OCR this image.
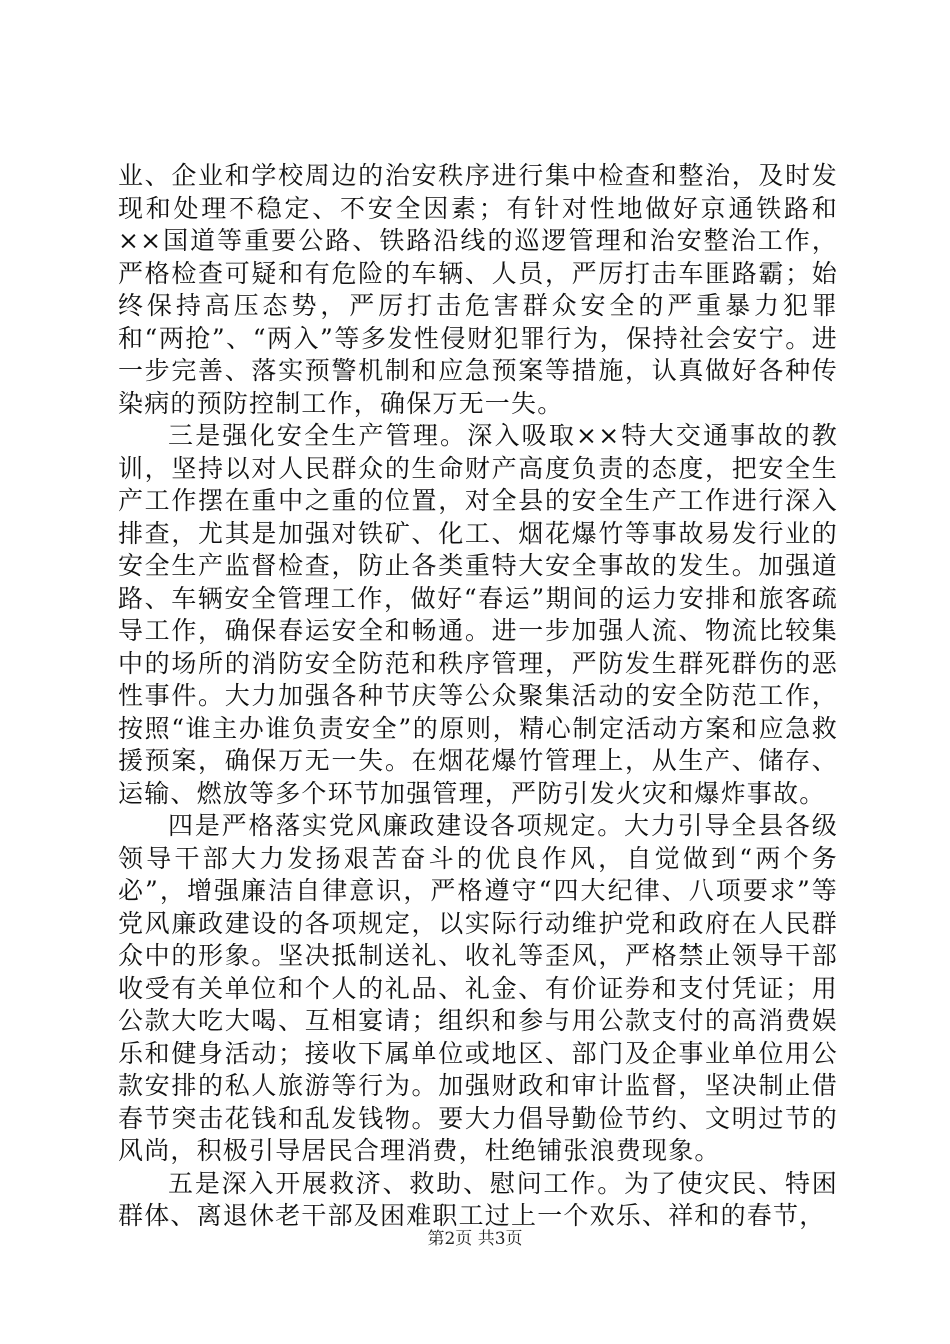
业、企业和学校周边的治安秩序进行集中检查和整治，及时发现和处理不稳定、不安全因素；有针对性地做好京通铁路和××国道等重要公路、铁路沿线的巡逻管理和治安整治工作，严格检查可疑和有危险的车辆、人员，严厉打击车匪路霸；始终保持高压态势，严厉打击危害群众安全的严重暴力犯罪和“两抢”、“两入”等多发性侵财犯罪行为，保持社会安宁。进一步完善、落实预警机制和应急预案等措施，认真做好各种传染病的预防控制工作，确保万无一失。

三是强化安全生产管理。深入吸取××特大交通事故的教训，坚持以对人民群众的生命财产高度负责的态度，把安全生产工作摆在重中之重的位置，对全县的安全生产工作进行深入排查，尤其是加强对铁矿、化工、烟花爆竹等事故易发行业的安全生产监督检查，防止各类重特大安全事故的发生。加强道路、车辆安全管理工作，做好“春运”期间的运力安排和旅客疏导工作，确保春运安全和畅通。进一步加强人流、物流比较集中的场所的消防安全防范和秩序管理，严防发生群死群伤的恶性事件。大力加强各种节庆等公众聚集活动的安全防范工作，按照“谁主办谁负责安全”的原则，精心制定活动方案和应急救援预案，确保万无一失。在烟花爆竹管理上，从生产、储存、运输、燃放等多个环节加强管理，严防引发火灾和爆炸事故。

四是严格落实党风廉政建设各项规定。大力引导全县各级领导干部大力发扬艰苦奋斗的优良作风，自觉做到“两个务必”，增强廉洁自律意识，严格遵守“四大纪律、八项要求”等党风廉政建设的各项规定，以实际行动维护党和政府在人民群众中的形象。坚决抵制送礼、收礼等歪风，严格禁止领导干部收受有关单位和个人的礼品、礼金、有价证券和支付凭证；用公款大吃大喝、互相宴请；组织和参与用公款支付的高消费娱乐和健身活动；接收下属单位或地区、部门及企事业单位用公款安排的私人旅游等行为。加强财政和审计监督，坚决制止借春节突击花钱和乱发钱物。要大力倡导勤俭节约、文明过节的风尚，积极引导居民合理消费，杜绝铺张浪费现象。

五是深入开展救济、救助、慰问工作。为了使灾民、特困群体、离退休老干部及困难职工过上一个欢乐、祥和的春节，

第2页 共3页
